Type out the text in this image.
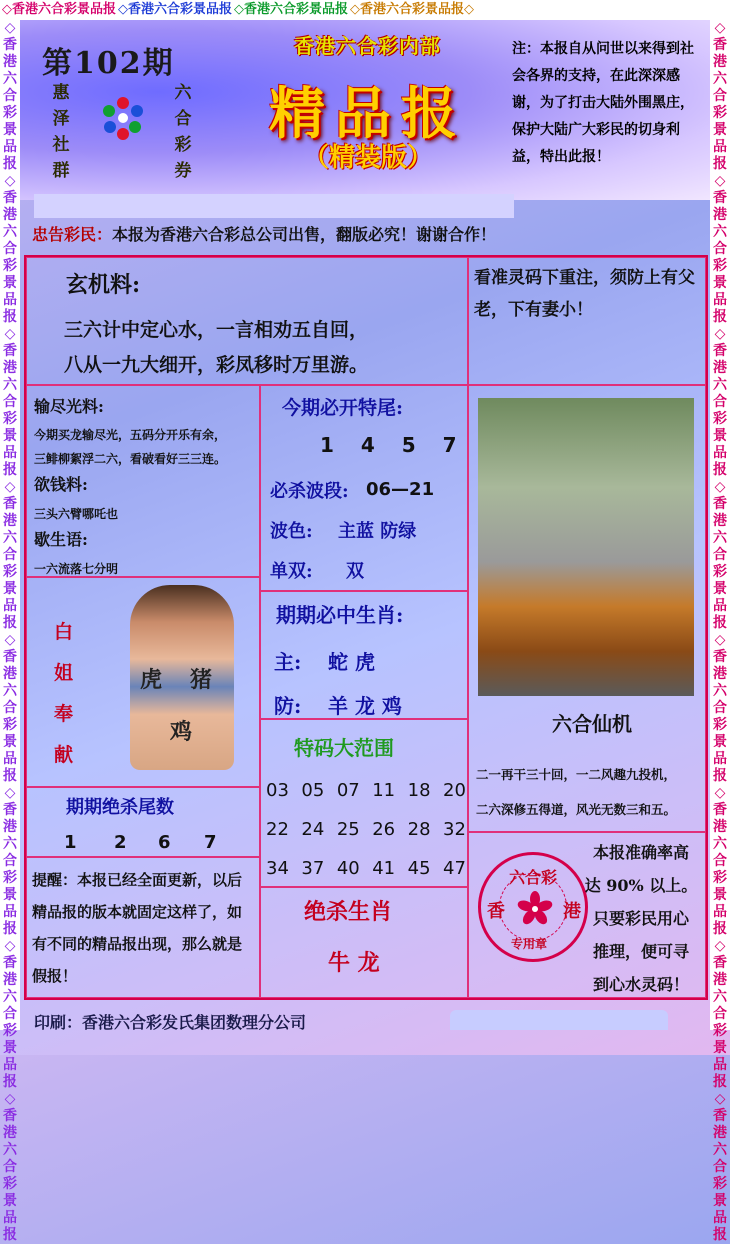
◇香港六合彩景品报 ◇香港六合彩景品报 ◇香港六合彩景品报 ◇香港六合彩景品报◇
◇香港六合彩景品报◇香港六合彩景品报◇香港六合彩景品报◇香港六合彩景品报◇香港六合彩景品报◇香港六合彩景品报◇香港六合彩景品报◇香港六合彩景品报
◇香港六合彩景品报◇香港六合彩景品报◇香港六合彩景品报◇香港六合彩景品报◇香港六合彩景品报◇香港六合彩景品报◇香港六合彩景品报◇香港六合彩景品报
第102期
惠
泽
社
群
六
合
彩
券
香港六合彩内部
精品报
（精装版）
注：本报自从问世以来得到社会各界的支持，在此深深感谢，为了打击大陆外围黑庄，保护大陆广大彩民的切身利益，特出此报！
忠告彩民：本报为香港六合彩总公司出售，翻版必究！谢谢合作！
玄机料:
三六计中定心水，一言相劝五自回，
八从一九大细开，彩凤移时万里游。
看准灵码下重注，须防上有父老，下有妻小！
输尽光料:
今期买龙输尽光，五码分开乐有余，
三鲱柳絮浮二六，看破看好三三连。
欲钱料:
三头六臂哪吒也
歇生语:
一六流落七分明
今期必开特尾:
1 4 5 7
必杀波段: 06—21
波色: 主蓝 防绿
单双: 双
白
姐
奉
献
虎 猪
鸡
期期必中生肖:
主: 蛇 虎
防: 羊 龙 鸡
期期绝杀尾数
1 2 6 7
特码大范围
03 05 07 11 18 20
22 24 25 26 28 32
34 37 40 41 45 47
提醒：本报已经全面更新，以后精品报的版本就固定这样了，如有不同的精品报出现，那么就是假报！
绝杀生肖
牛 龙
六合仙机
二一再干三十回，一二风趣九投机，
二六深修五得道，风光无数三和五。
六合彩
香	港
专用章
本报准确率高
达 90% 以上。
只要彩民用心
推理，便可寻
到心水灵码！
印刷：香港六合彩发氏集团数理分公司
